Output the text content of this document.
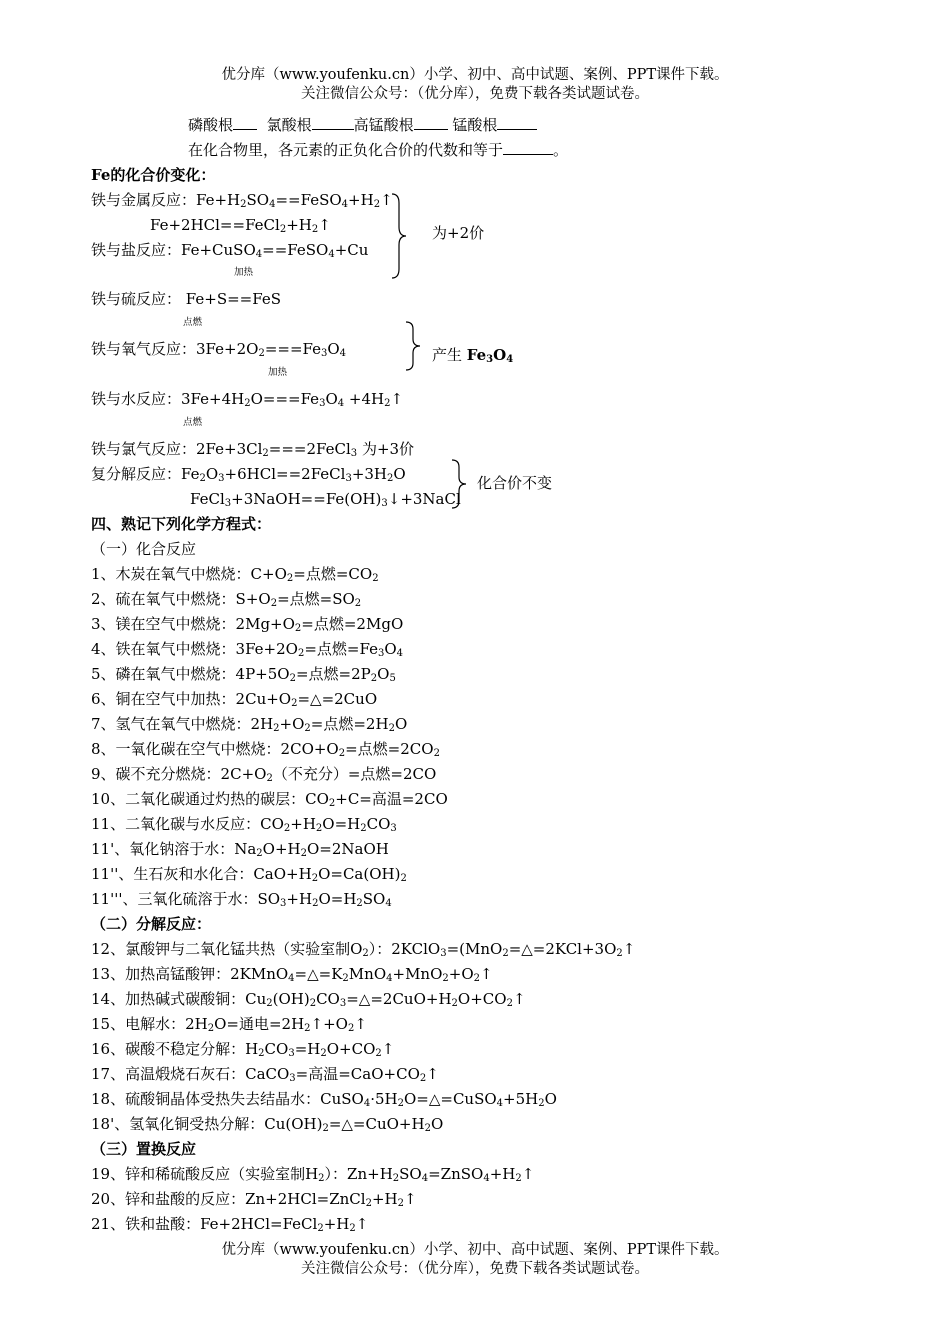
优分库（www.youfenku.cn）小学、初中、高中试题、案例、PPT课件下载。
关注微信公众号：（优分库），免费下载各类试题试卷。
磷酸根 氯酸根	高锰酸根	锰酸根
在化合物里，各元素的正负化合价的代数和等于	。
Fe的化合价变化：
铁与金属反应：$Fe+H_2SO_4==FeSO_4+H_2↑$
$Fe+2HCl==FeCl_2+H_2↑$
铁与盐反应：Fe+CuSO$_4$==FeSO$_4$+Cu
为+2价
加热
铁与硫反应： Fe+S==FeS
点燃
铁与氧气反应：$3Fe+2O_2===Fe_3O_4$	产生 $Fe_3O_4$
加热
铁与水反应：$3Fe+4H_2O===Fe_3O_4$ $+4H_2↑$
点燃
铁与氯气反应：$2Fe+3Cl_2===2FeCl_3$ 为+3价
复分解反应：$Fe_2O_3+6HCl==2FeCl_3+3H_2O$
$FeCl_3+3NaOH==Fe(OH)_3↓+3NaCl$
化合价不变
四、熟记下列化学方程式：
（一）化合反应
1、木炭在氧气中燃烧：$C+O_2=$点燃$=CO_2$
2、硫在氧气中燃烧：$S+O_2=$点燃$=SO_2$
3、镁在空气中燃烧：$2Mg+O_2=$点燃=2MgO
4、铁在氧气中燃烧：$3Fe+2O_2=$点燃$=Fe_3O_4$
5、磷在氧气中燃烧：$4P+5O_2=$点燃$=2P_2O_5$
6、铜在空气中加热：$2Cu+O_2=\triangle=2CuO$
7、氢气在氧气中燃烧：$2H_2+O_2=$点燃$=2H_2O$
8、一氧化碳在空气中燃烧：$2CO+O_2=$点燃$=2CO_2$
9、碳不充分燃烧：$2C+O_2$（不充分）=点燃=2CO
10、二氧化碳通过灼热的碳层：$CO_2+C=$高温=2CO
11、二氧化碳与水反应：$CO_2+H_2O=H_2CO_3$
11'、氧化钠溶于水：$Na_2O+H_2O=2NaOH$
11''、生石灰和水化合：$CaO+H_2O=Ca(OH)_2$
11'''、三氧化硫溶于水：$SO_3+H_2O=H_2SO_4$
（二）分解反应：
12、氯酸钾与二氧化锰共热（实验室制$O_2$）：$2KClO_3=(MnO_2=\triangle=2KCl+3O_2↑$
13、加热高锰酸钾：$2KMnO_4=\triangle=K_2MnO_4+MnO_2+O_2↑$
14、加热碱式碳酸铜：$Cu_2(OH)_2CO_3=\triangle=2CuO+H_2O+CO_2↑$
15、电解水：$2H_2O=$通电$=2H_2↑+O_2↑$
16、碳酸不稳定分解：$H_2CO_3=H_2O+CO_2↑$
17、高温煅烧石灰石：CaCO$_3$=高温$=CaO+CO_2↑$
18、硫酸铜晶体受热失去结晶水：$CuSO_4\cdot 5H_2O=\triangle=CuSO_4+5H_2O$
18'、氢氧化铜受热分解：$Cu(OH)_2=\triangle=CuO+H_2O$
（三）置换反应
19、锌和稀硫酸反应（实验室制$H_2$）：$Zn+H_2SO_4=ZnSO_4+H_2↑$
20、锌和盐酸的反应：$Zn+2HCl=ZnCl_2+H_2↑$
21、铁和盐酸：$Fe+2HCl=FeCl_2+H_2↑$
优分库（www.youfenku.cn）小学、初中、高中试题、案例、PPT课件下载。
关注微信公众号：（优分库），免费下载各类试题试卷。
